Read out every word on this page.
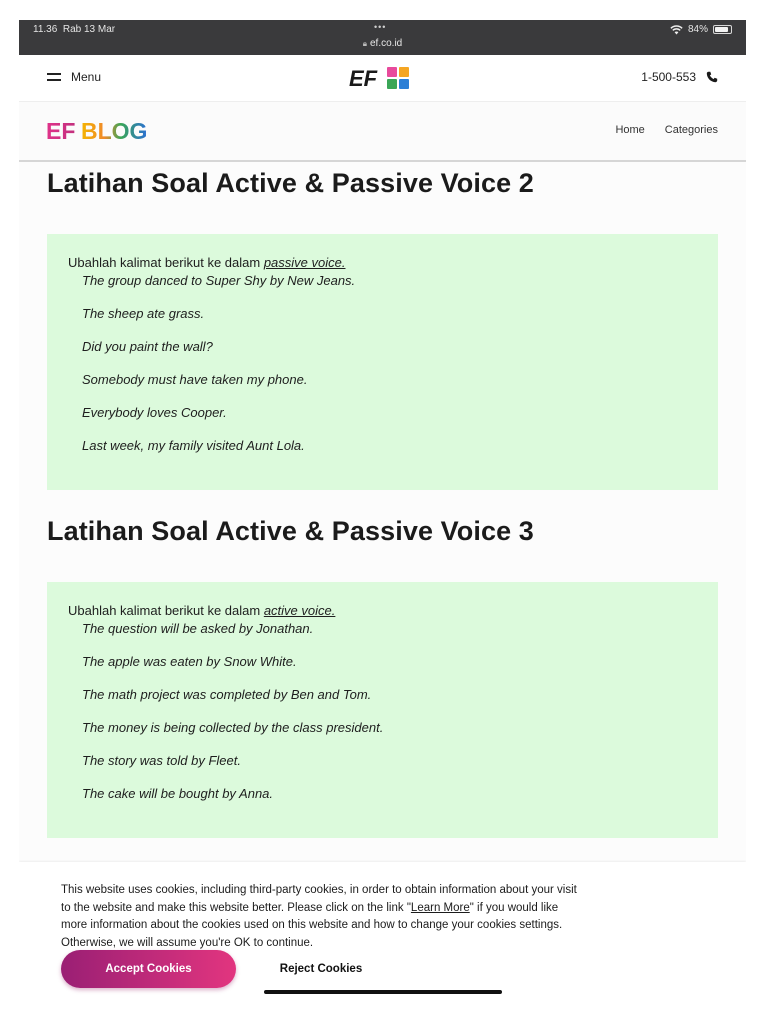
11.36 Rab 13 Mar	•••
🔒︎ ef.co.id
84%
Menu	EF	1-500-553
EF BLOG	Home Categories
Latihan Soal Active & Passive Voice 2

Ubahlah kalimat berikut ke dalam passive voice.

The group danced to Super Shy by New Jeans.
The sheep ate grass.
Did you paint the wall?
Somebody must have taken my phone.
Everybody loves Cooper.
Last week, my family visited Aunt Lola.
Latihan Soal Active & Passive Voice 3

Ubahlah kalimat berikut ke dalam active voice.

The question will be asked by Jonathan.
The apple was eaten by Snow White.
The math project was completed by Ben and Tom.
The money is being collected by the class president.
The story was told by Fleet.
The cake will be bought by Anna.
This website uses cookies, including third-party cookies, in order to obtain information about your visit to the website and make this website better. Please click on the link "Learn More" if you would like more information about the cookies used on this website and how to change your cookies settings. Otherwise, we will assume you're OK to continue.
Accept Cookies	Reject Cookies
